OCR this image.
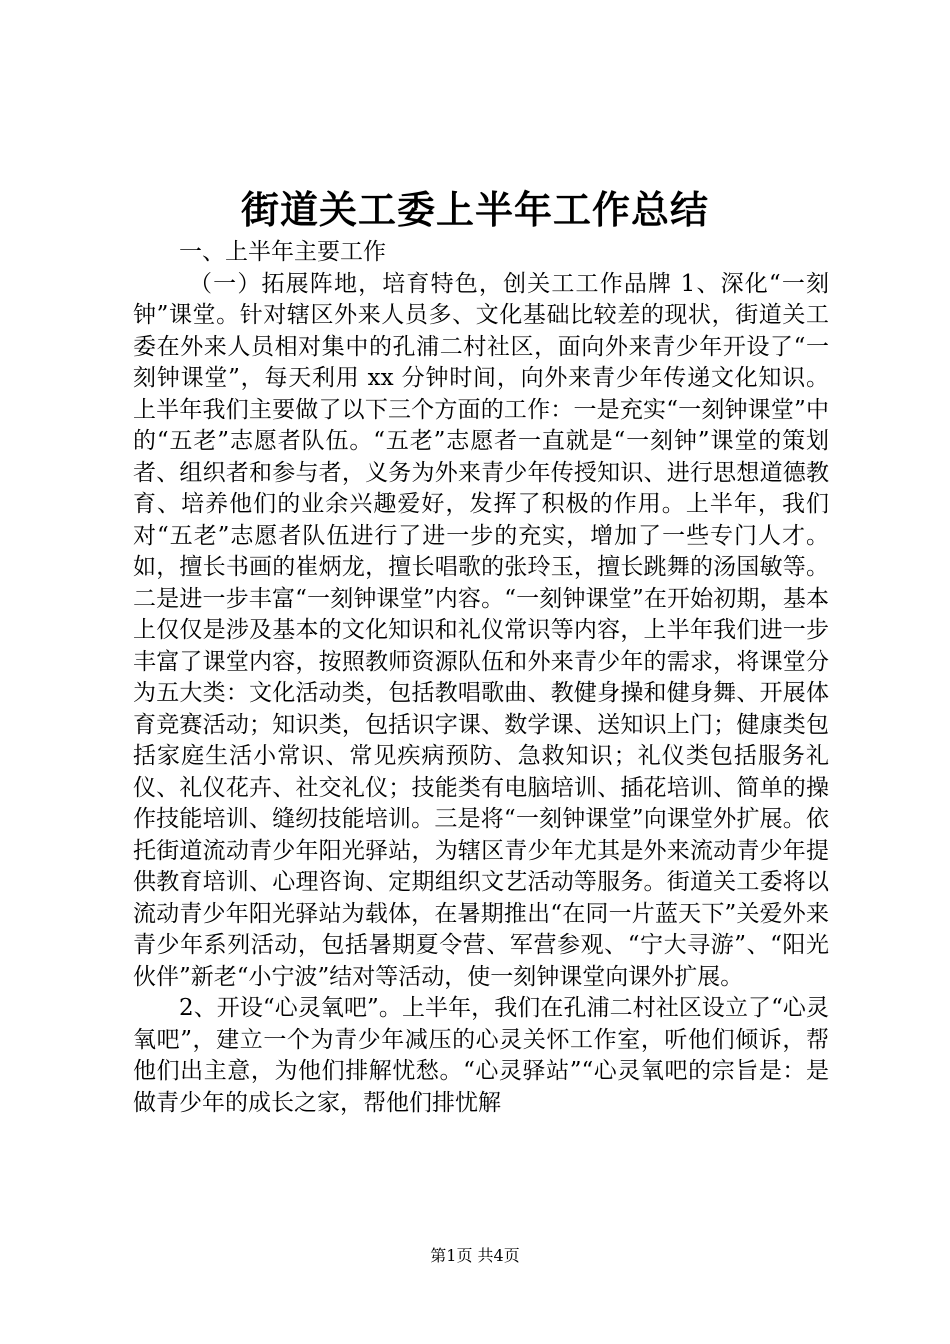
街道关工委上半年工作总结

一、上半年主要工作

（一）拓展阵地，培育特色，创关工工作品牌 1、深化“一刻钟”课堂。针对辖区外来人员多、文化基础比较差的现状，街道关工委在外来人员相对集中的孔浦二村社区，面向外来青少年开设了“一刻钟课堂”，每天利用 xx 分钟时间，向外来青少年传递文化知识。上半年我们主要做了以下三个方面的工作：一是充实“一刻钟课堂”中的“五老”志愿者队伍。“五老”志愿者一直就是“一刻钟”课堂的策划者、组织者和参与者，义务为外来青少年传授知识、进行思想道德教育、培养他们的业余兴趣爱好，发挥了积极的作用。上半年，我们对“五老”志愿者队伍进行了进一步的充实，增加了一些专门人才。如，擅长书画的崔炳龙，擅长唱歌的张玲玉，擅长跳舞的汤国敏等。二是进一步丰富“一刻钟课堂”内容。“一刻钟课堂”在开始初期，基本上仅仅是涉及基本的文化知识和礼仪常识等内容，上半年我们进一步丰富了课堂内容，按照教师资源队伍和外来青少年的需求，将课堂分为五大类：文化活动类，包括教唱歌曲、教健身操和健身舞、开展体育竞赛活动；知识类，包括识字课、数学课、送知识上门；健康类包括家庭生活小常识、常见疾病预防、急救知识；礼仪类包括服务礼仪、礼仪花卉、社交礼仪；技能类有电脑培训、插花培训、简单的操作技能培训、缝纫技能培训。三是将“一刻钟课堂”向课堂外扩展。依托街道流动青少年阳光驿站，为辖区青少年尤其是外来流动青少年提供教育培训、心理咨询、定期组织文艺活动等服务。街道关工委将以流动青少年阳光驿站为载体，在暑期推出“在同一片蓝天下”关爱外来青少年系列活动，包括暑期夏令营、军营参观、“宁大寻游”、“阳光伙伴”新老“小宁波”结对等活动，使一刻钟课堂向课外扩展。

2、开设“心灵氧吧”。上半年，我们在孔浦二村社区设立了“心灵氧吧”，建立一个为青少年减压的心灵关怀工作室，听他们倾诉，帮他们出主意，为他们排解忧愁。“心灵驿站”“心灵氧吧的宗旨是：是做青少年的成长之家，帮他们排忧解

第1页 共4页
